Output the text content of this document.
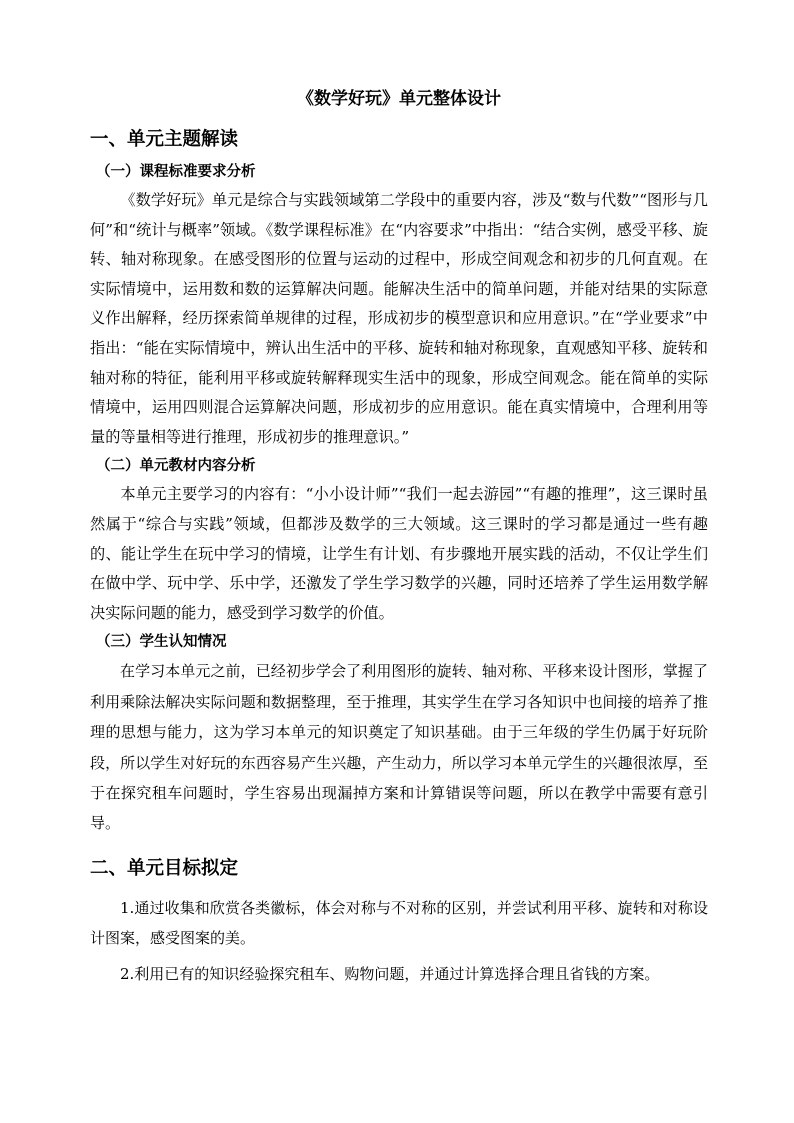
《数学好玩》单元整体设计

一、单元主题解读

（一）课程标准要求分析

《数学好玩》单元是综合与实践领域第二学段中的重要内容，涉及“数与代数”“图形与几何”和“统计与概率”领域。《数学课程标准》在“内容要求”中指出：“结合实例，感受平移、旋转、轴对称现象。在感受图形的位置与运动的过程中，形成空间观念和初步的几何直观。在实际情境中，运用数和数的运算解决问题。能解决生活中的简单问题，并能对结果的实际意义作出解释，经历探索简单规律的过程，形成初步的模型意识和应用意识。”在“学业要求”中指出：“能在实际情境中，辨认出生活中的平移、旋转和轴对称现象，直观感知平移、旋转和轴对称的特征，能利用平移或旋转解释现实生活中的现象，形成空间观念。能在简单的实际情境中，运用四则混合运算解决问题，形成初步的应用意识。能在真实情境中，合理利用等量的等量相等进行推理，形成初步的推理意识。”

（二）单元教材内容分析

本单元主要学习的内容有：“小小设计师”“我们一起去游园”“有趣的推理”，这三课时虽然属于“综合与实践”领域，但都涉及数学的三大领域。这三课时的学习都是通过一些有趣的、能让学生在玩中学习的情境，让学生有计划、有步骤地开展实践的活动，不仅让学生们在做中学、玩中学、乐中学，还激发了学生学习数学的兴趣，同时还培养了学生运用数学解决实际问题的能力，感受到学习数学的价值。

（三）学生认知情况

在学习本单元之前，已经初步学会了利用图形的旋转、轴对称、平移来设计图形，掌握了利用乘除法解决实际问题和数据整理，至于推理，其实学生在学习各知识中也间接的培养了推理的思想与能力，这为学习本单元的知识奠定了知识基础。由于三年级的学生仍属于好玩阶段，所以学生对好玩的东西容易产生兴趣，产生动力，所以学习本单元学生的兴趣很浓厚，至于在探究租车问题时，学生容易出现漏掉方案和计算错误等问题，所以在教学中需要有意引导。

二、单元目标拟定

1.通过收集和欣赏各类徽标，体会对称与不对称的区别，并尝试利用平移、旋转和对称设计图案，感受图案的美。

2.利用已有的知识经验探究租车、购物问题，并通过计算选择合理且省钱的方案。
